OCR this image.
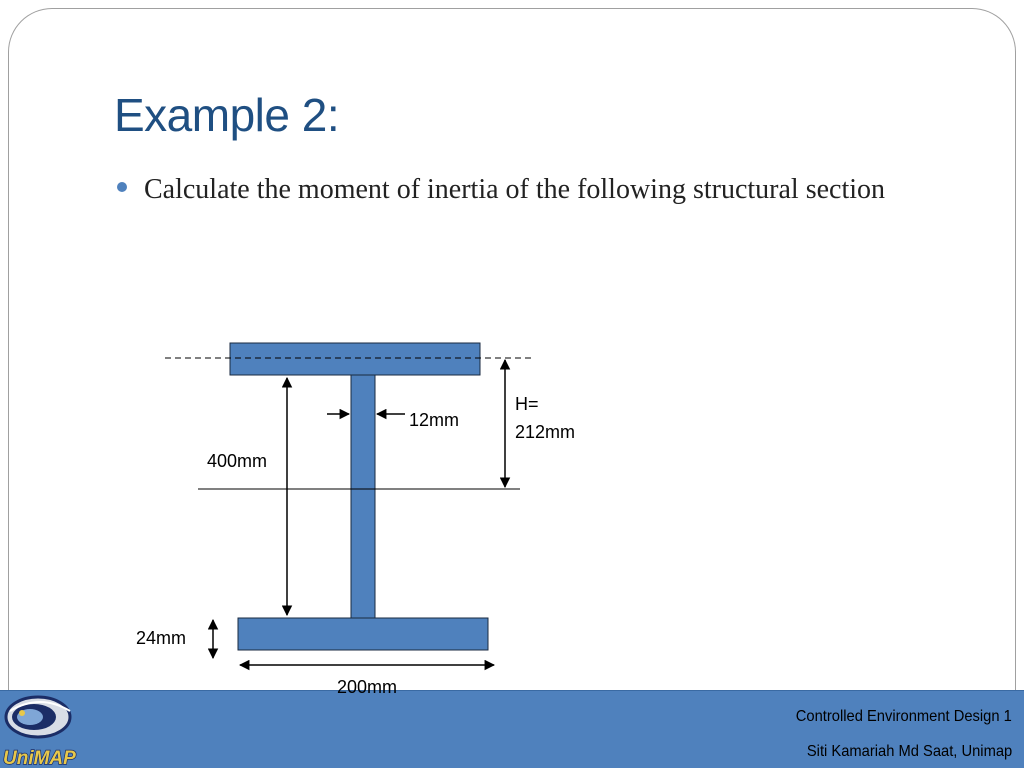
Example 2:
Calculate the moment of inertia of the following structural section
400mm
12mm
H=
212mm
24mm
UniMAP
Controlled Environment Design 1
Siti Kamariah Md Saat, Unimap
200mm
